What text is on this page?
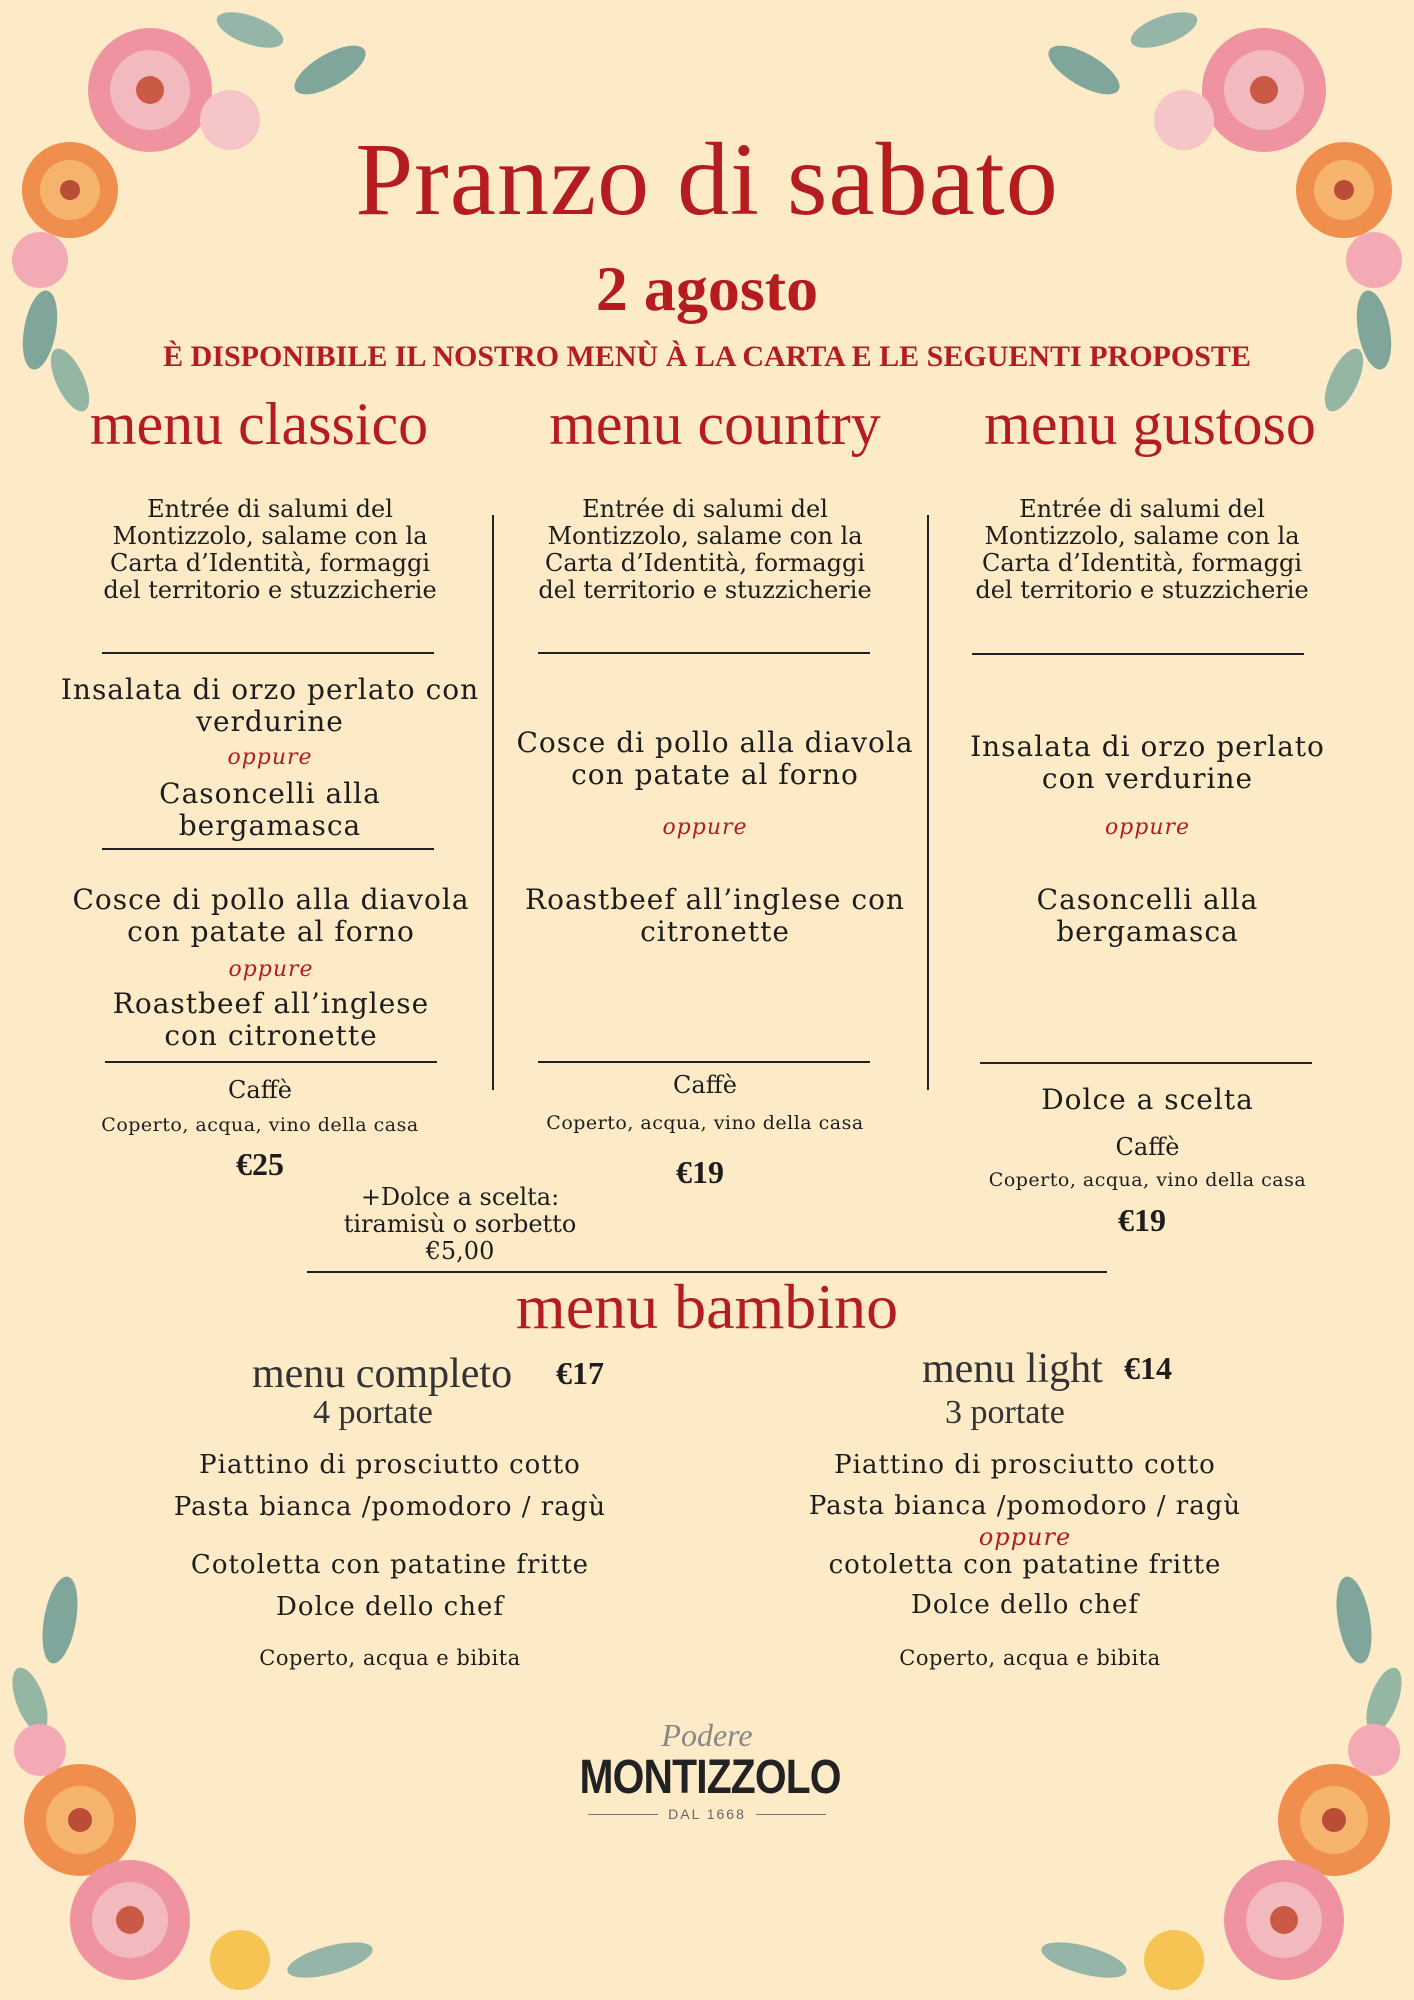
Pranzo di sabato
2 agosto
È DISPONIBILE IL NOSTRO MENÙ À LA CARTA E LE SEGUENTI PROPOSTE
menu classico	menu country	menu gustoso
Entrée di salumi del Montizzolo, salame con la Carta d’Identità, formaggi del territorio e stuzzicherie
Insalata di orzo perlato con verdurine
oppure
Casoncelli alla bergamasca
Cosce di pollo alla diavola con patate al forno
oppure
Roastbeef all’inglese con citronette
Caffè
Coperto, acqua, vino della casa
€25
+Dolce a scelta:
tiramisù o sorbetto
€5,00
Entrée di salumi del Montizzolo, salame con la Carta d’Identità, formaggi del territorio e stuzzicherie
Cosce di pollo alla diavola con patate al forno
oppure
Roastbeef all’inglese con citronette
Caffè
Coperto, acqua, vino della casa
€19
Entrée di salumi del Montizzolo, salame con la Carta d’Identità, formaggi del territorio e stuzzicherie
Insalata di orzo perlato con verdurine
oppure
Casoncelli alla bergamasca
Dolce a scelta
Caffè
Coperto, acqua, vino della casa
€19
menu bambino
menu completo €17
4 portate
Piattino di prosciutto cotto
Pasta bianca /pomodoro / ragù
Cotoletta con patatine fritte
Dolce dello chef
Coperto, acqua e bibita
menu light €14
3 portate
Piattino di prosciutto cotto
Pasta bianca /pomodoro / ragù
oppure
cotoletta con patatine fritte
Dolce dello chef
Coperto, acqua e bibita
Podere
MONTIZZOLO
DAL 1668
